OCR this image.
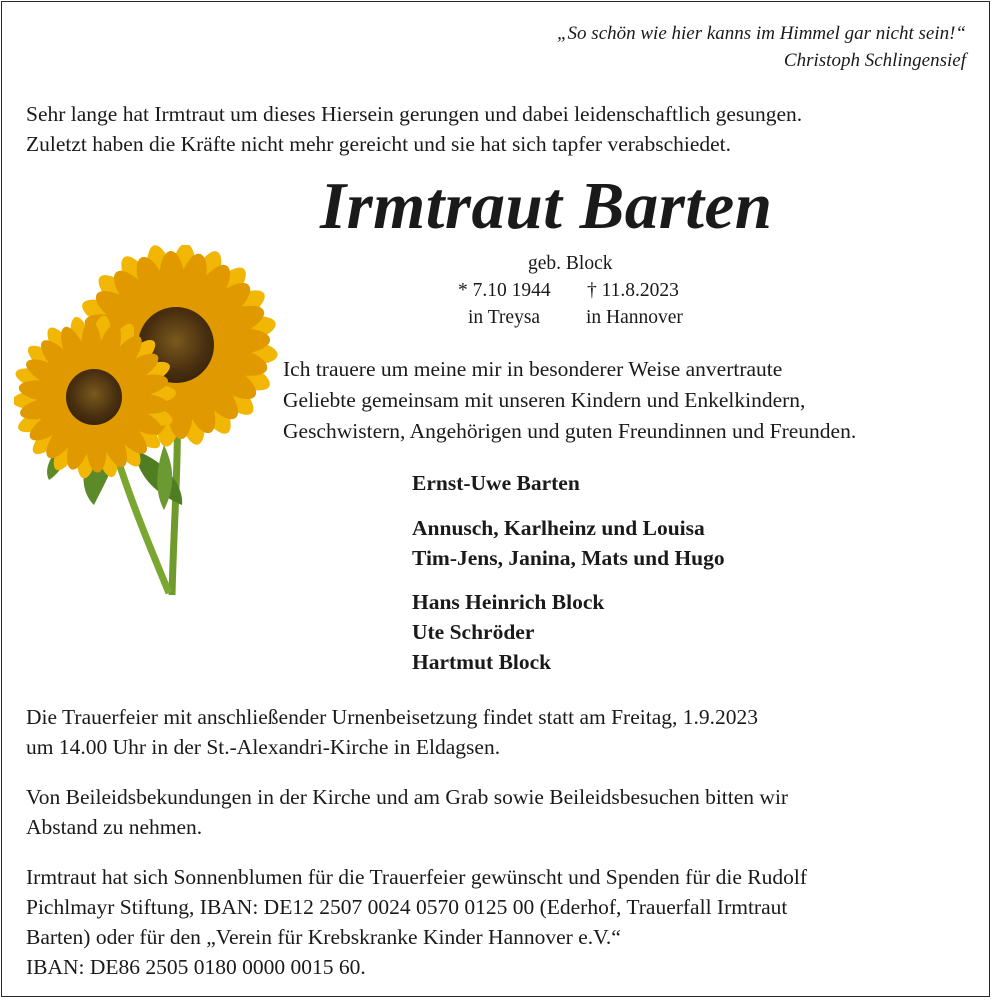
„So schön wie hier kanns im Himmel gar nicht sein!“
Christoph Schlingensief
Sehr lange hat Irmtraut um dieses Hiersein gerungen und dabei leidenschaftlich gesungen.
Zuletzt haben die Kräfte nicht mehr gereicht und sie hat sich tapfer verabschiedet.
Irmtraut Barten
geb. Block
* 7.10 1944 † 11.8.2023
in Treysa in Hannover
Ich trauere um meine mir in besonderer Weise anvertraute
Geliebte gemeinsam mit unseren Kindern und Enkelkindern,
Geschwistern, Angehörigen und guten Freundinnen und Freunden.
Ernst-Uwe Barten
Annusch, Karlheinz und Louisa
Tim-Jens, Janina, Mats und Hugo
Hans Heinrich Block
Ute Schröder
Hartmut Block
Die Trauerfeier mit anschließender Urnenbeisetzung findet statt am Freitag, 1.9.2023
um 14.00 Uhr in der St.-Alexandri-Kirche in Eldagsen.
Von Beileidsbekundungen in der Kirche und am Grab sowie Beileidsbesuchen bitten wir
Abstand zu nehmen.
Irmtraut hat sich Sonnenblumen für die Trauerfeier gewünscht und Spenden für die Rudolf
Pichlmayr Stiftung, IBAN: DE12 2507 0024 0570 0125 00 (Ederhof, Trauerfall Irmtraut
Barten) oder für den „Verein für Krebskranke Kinder Hannover e.V.“
IBAN: DE86 2505 0180 0000 0015 60.
